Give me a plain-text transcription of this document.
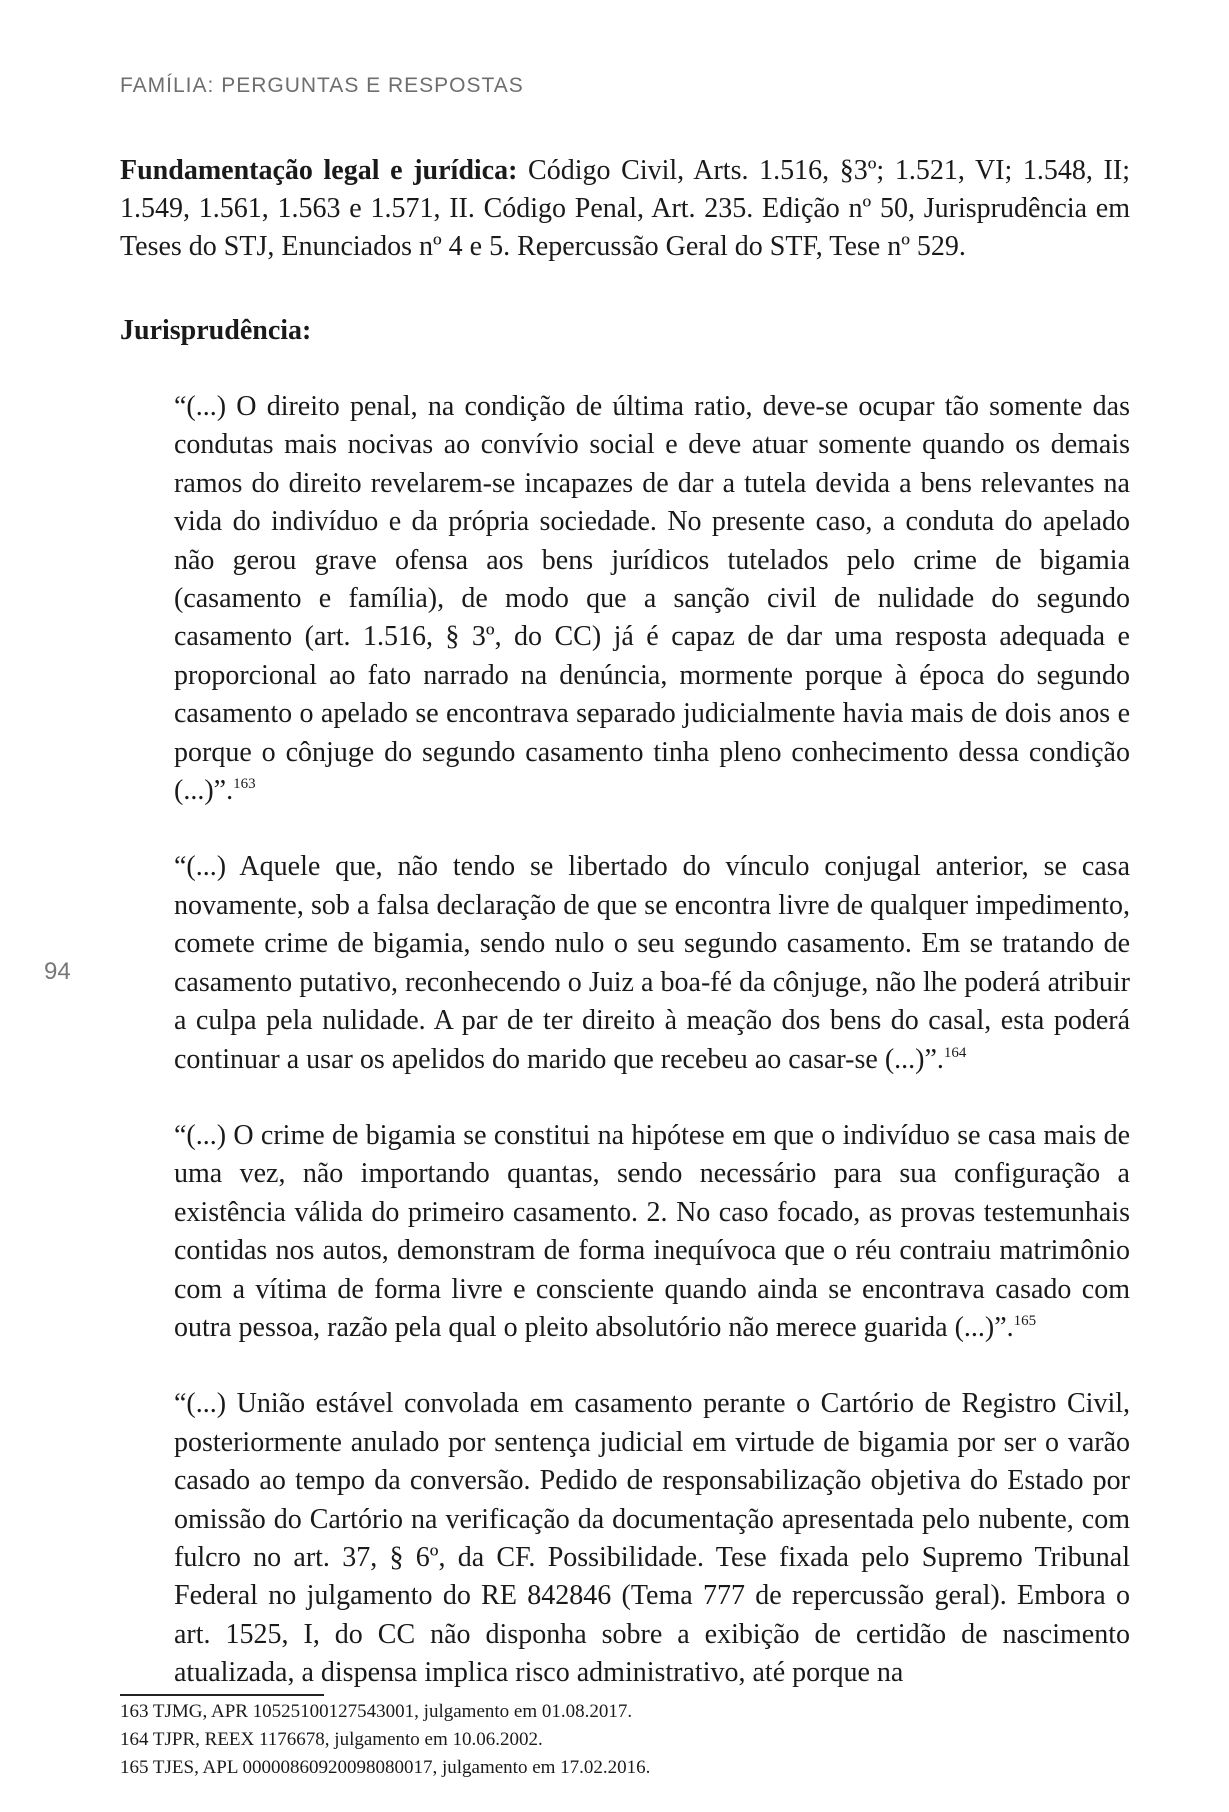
FAMÍLIA: PERGUNTAS E RESPOSTAS
94

Fundamentação legal e jurídica: Código Civil, Arts. 1.516, §3º; 1.521, VI; 1.548, II; 1.549, 1.561, 1.563 e 1.571, II. Código Penal, Art. 235. Edição nº 50, Jurisprudência em Teses do STJ, Enunciados nº 4 e 5. Repercussão Geral do STF, Tese nº 529.

Jurisprudência:

“(...) O direito penal, na condição de última ratio, deve-se ocupar tão somente das condutas mais nocivas ao convívio social e deve atuar somente quando os demais ramos do direito revelarem-se incapazes de dar a tutela devida a bens relevantes na vida do indivíduo e da própria sociedade. No presente caso, a conduta do apelado não gerou grave ofensa aos bens jurídicos tutelados pelo crime de bigamia (casamento e família), de modo que a sanção civil de nulidade do segundo casamento (art. 1.516, § 3º, do CC) já é capaz de dar uma resposta adequada e proporcional ao fato narrado na denúncia, mormente porque à época do segundo casamento o apelado se encontrava separado judicialmente havia mais de dois anos e porque o cônjuge do segundo casamento tinha pleno conhecimento dessa condição (...)”.$^{163}$

“(...) Aquele que, não tendo se libertado do vínculo conjugal anterior, se casa novamente, sob a falsa declaração de que se encontra livre de qualquer impedimento, comete crime de bigamia, sendo nulo o seu segundo casamento. Em se tratando de casamento putativo, reconhecendo o Juiz a boa-fé da cônjuge, não lhe poderá atribuir a culpa pela nulidade. A par de ter direito à meação dos bens do casal, esta poderá continuar a usar os apelidos do marido que recebeu ao casar-se (...)”.$^{164}$

“(...) O crime de bigamia se constitui na hipótese em que o indivíduo se casa mais de uma vez, não importando quantas, sendo necessário para sua configuração a existência válida do primeiro casamento. 2. No caso focado, as provas testemunhais contidas nos autos, demonstram de forma inequívoca que o réu contraiu matrimônio com a vítima de forma livre e consciente quando ainda se encontrava casado com outra pessoa, razão pela qual o pleito absolutório não merece guarida (...)”.$^{165}$

“(...) União estável convolada em casamento perante o Cartório de Registro Civil, posteriormente anulado por sentença judicial em virtude de bigamia por ser o varão casado ao tempo da conversão. Pedido de responsabilização objetiva do Estado por omissão do Cartório na verificação da documentação apresentada pelo nubente, com fulcro no art. 37, § 6º, da CF. Possibilidade. Tese fixada pelo Supremo Tribunal Federal no julgamento do RE 842846 (Tema 777 de repercussão geral). Embora o art. 1525, I, do CC não disponha sobre a exibição de certidão de nascimento atualizada, a dispensa implica risco administrativo, até porque na

163 TJMG, APR 10525100127543001, julgamento em 01.08.2017.
164 TJPR, REEX 1176678, julgamento em 10.06.2002.
165 TJES, APL 00000860920098080017, julgamento em 17.02.2016.
